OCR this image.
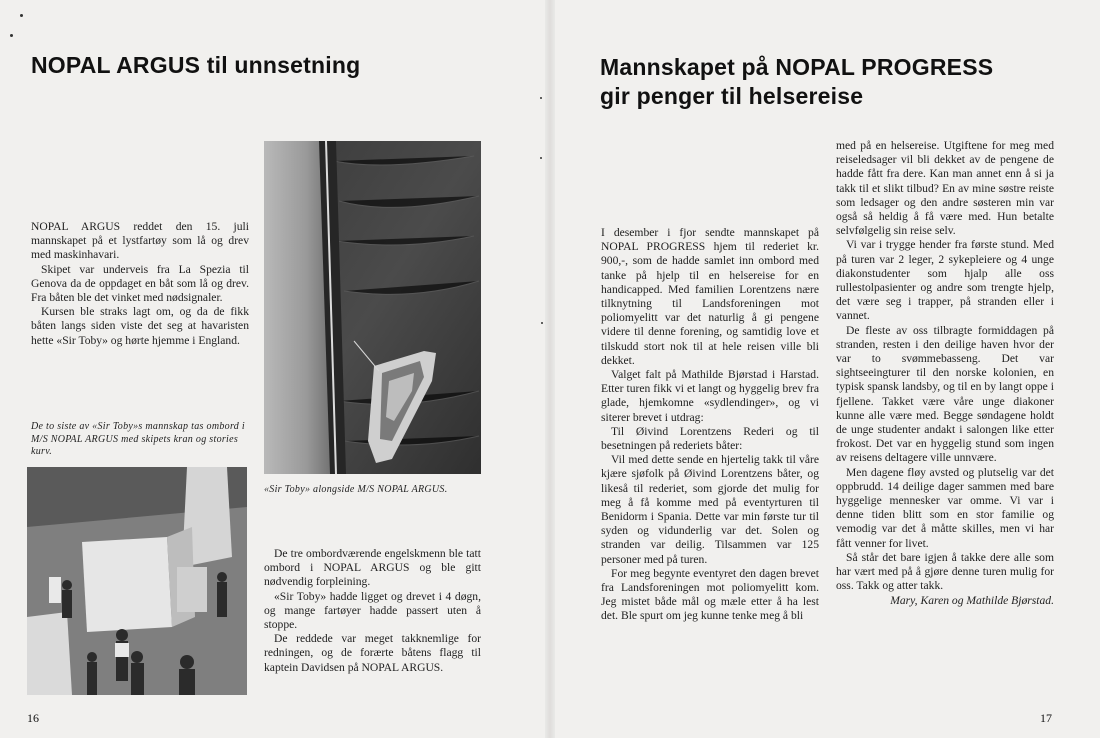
NOPAL ARGUS til unnsetning

NOPAL ARGUS reddet den 15. juli mannskapet på et lystfartøy som lå og drev med maskinhavari.

Skipet var underveis fra La Spezia til Genova da de oppdaget en båt som lå og drev. Fra båten ble det vinket med nødsignaler.

Kursen ble straks lagt om, og da de fikk båten langs siden viste det seg at havaristen hette «Sir Toby» og hørte hjemme i England.

De to siste av «Sir Toby»s mannskap tas ombord i M/S NOPAL ARGUS med skipets kran og stories kurv.
«Sir Toby» alongside M/S NOPAL ARGUS.

De tre ombordværende engelskmenn ble tatt ombord i NOPAL ARGUS og ble gitt nødvendig forpleining.

«Sir Toby» hadde ligget og drevet i 4 døgn, og mange fartøyer hadde passert uten å stoppe.

De reddede var meget takknemlige for redningen, og de forærte båtens flagg til kaptein Davidsen på NOPAL ARGUS.

16
Mannskapet på NOPAL PROGRESS
gir penger til helsereise

I desember i fjor sendte mannskapet på NOPAL PROGRESS hjem til rederiet kr. 900,-, som de hadde samlet inn ombord med tanke på hjelp til en helsereise for en handicapped. Med familien Lorentzens nære tilknytning til Landsforeningen mot poliomyelitt var det naturlig å gi pengene videre til denne forening, og samtidig love et tilskudd stort nok til at hele reisen ville bli dekket.

Valget falt på Mathilde Bjørstad i Harstad. Etter turen fikk vi et langt og hyggelig brev fra glade, hjemkomne «sydlendinger», og vi siterer brevet i utdrag:

Til Øivind Lorentzens Rederi og til besetningen på rederiets båter:

Vil med dette sende en hjertelig takk til våre kjære sjøfolk på Øivind Lorentzens båter, og likeså til rederiet, som gjorde det mulig for meg å få komme med på eventyrturen til Benidorm i Spania. Dette var min første tur til syden og vidunderlig var det. Solen og stranden var deilig. Tilsammen var 125 personer med på turen.

For meg begynte eventyret den dagen brevet fra Landsforeningen mot poliomyelitt kom. Jeg mistet både mål og mæle etter å ha lest det. Ble spurt om jeg kunne tenke meg å bli

med på en helsereise. Utgiftene for meg med reiseledsager vil bli dekket av de pengene de hadde fått fra dere. Kan man annet enn å si ja takk til et slikt tilbud? En av mine søstre reiste som ledsager og den andre søsteren min var også så heldig å få være med. Hun betalte selvfølgelig sin reise selv.

Vi var i trygge hender fra første stund. Med på turen var 2 leger, 2 sykepleiere og 4 unge diakonstudenter som hjalp alle oss rullestolpasienter og andre som trengte hjelp, det være seg i trapper, på stranden eller i vannet.

De fleste av oss tilbragte formiddagen på stranden, resten i den deilige haven hvor der var to svømmebasseng. Det var sightseeingturer til den norske kolonien, en typisk spansk landsby, og til en by langt oppe i fjellene. Takket være våre unge diakoner kunne alle være med. Begge søndagene holdt de unge studenter andakt i salongen like etter frokost. Det var en hyggelig stund som ingen av reisens deltagere ville unnvære.

Men dagene fløy avsted og plutselig var det oppbrudd. 14 deilige dager sammen med bare hyggelige mennesker var omme. Vi var i denne tiden blitt som en stor familie og vemodig var det å måtte skilles, men vi har fått venner for livet.

Så står det bare igjen å takke dere alle som har vært med på å gjøre denne turen mulig for oss. Takk og atter takk.

Mary, Karen og Mathilde Bjørstad.

17
